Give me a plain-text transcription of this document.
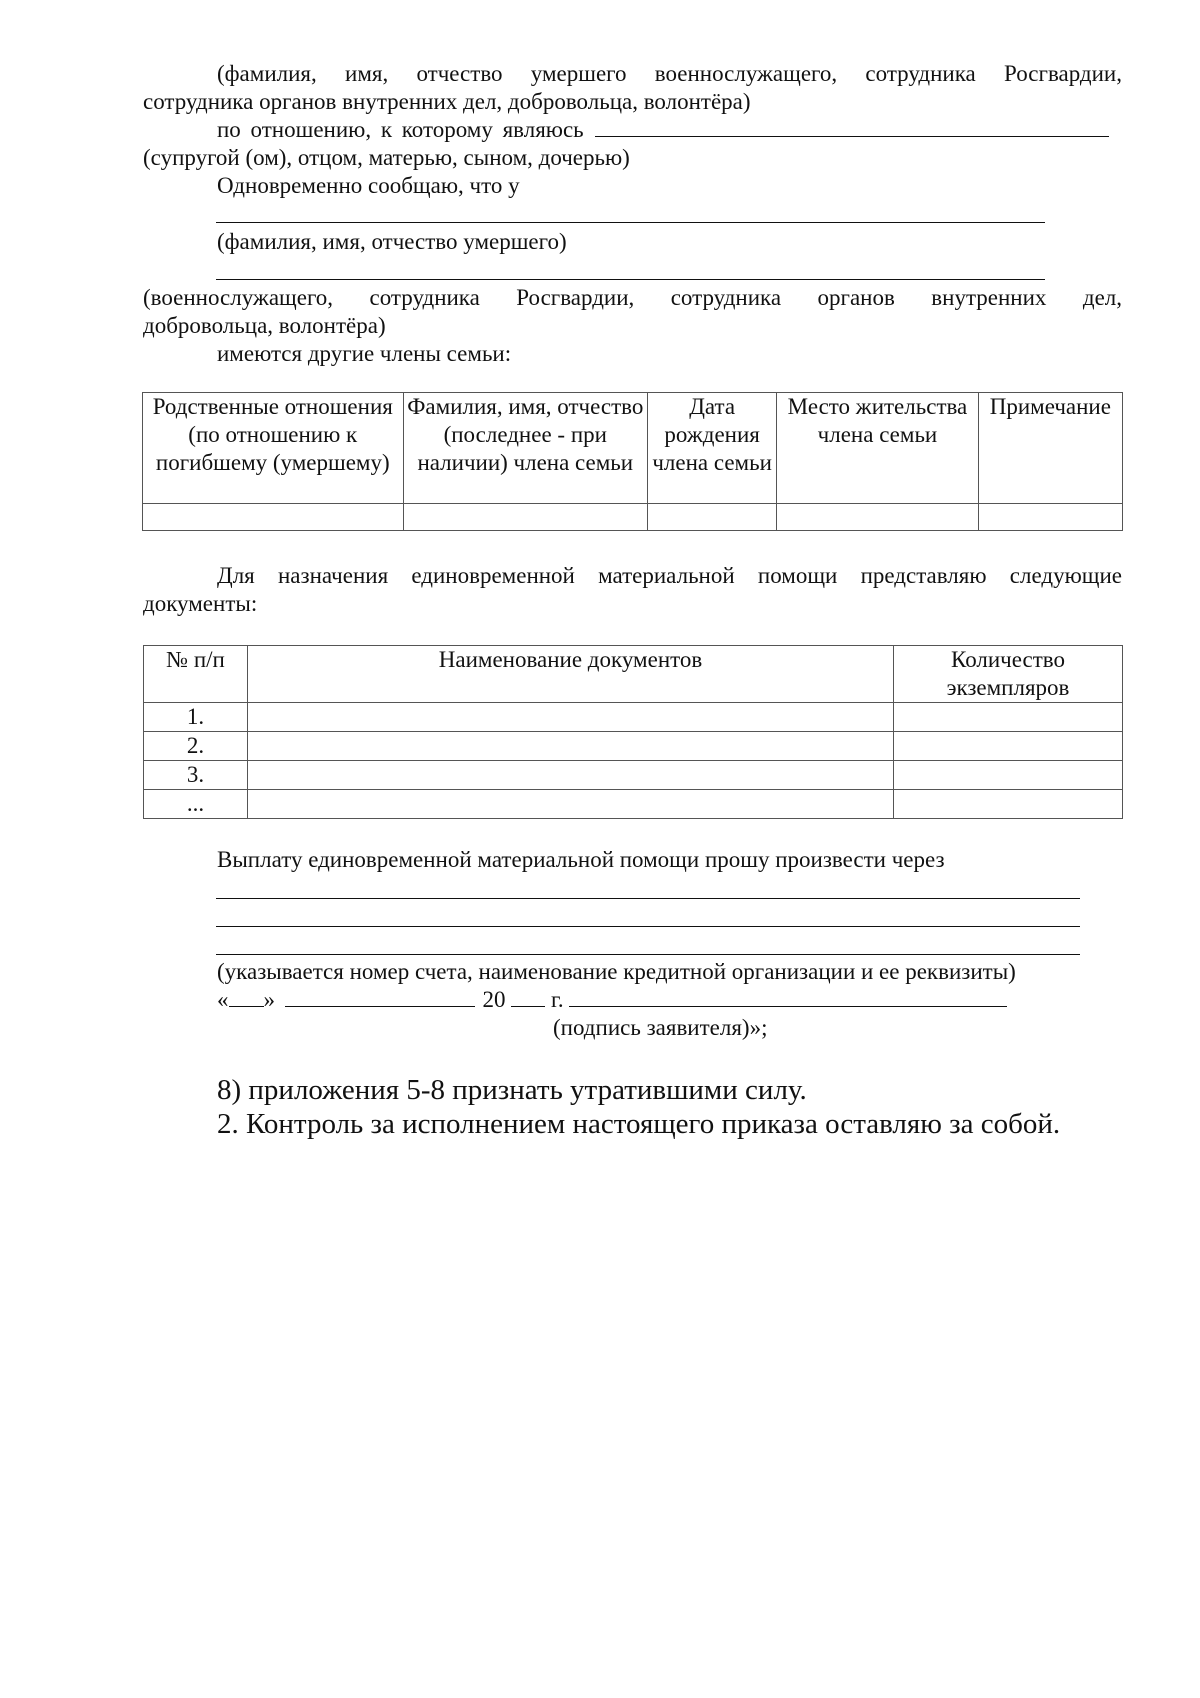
(фамилия, имя, отчество умершего военнослужащего, сотрудника Росгвардии,
сотрудника органов внутренних дел, добровольца, волонтёра)
по отношению, к которому являюсь
(супругой (ом), отцом, матерью, сыном, дочерью)
Одновременно сообщаю, что у
(фамилия, имя, отчество умершего)
(военнослужащего, сотрудника Росгвардии, сотрудника органов внутренних дел,
добровольца, волонтёра)
имеются другие члены семьи:
Родственные отношения (по отношению к погибшему (умершему)	Фамилия, имя, отчество (последнее - при наличии) члена семьи	Дата рождения члена семьи	Место жительства члена семьи	Примечание

Для назначения единовременной материальной помощи представляю следующие
документы:
№ п/п	Наименование документов	Количество экземпляров
1.		
2.		
3.		
...		
Выплату единовременной материальной помощи прошу произвести через
(указывается номер счета, наименование кредитной организации и ее реквизиты)
« »	20 г.
(подпись заявителя)»;
8) приложения 5-8 признать утратившими силу.
2. Контроль за исполнением настоящего приказа оставляю за собой.
